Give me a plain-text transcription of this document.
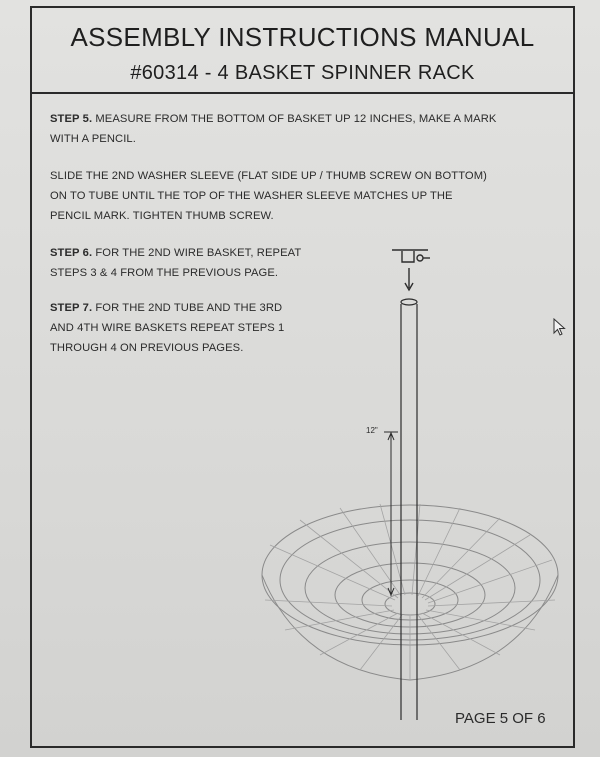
ASSEMBLY INSTRUCTIONS MANUAL
#60314 - 4 BASKET SPINNER RACK
STEP 5. MEASURE FROM THE BOTTOM OF BASKET UP 12 INCHES, MAKE A MARK
WITH A PENCIL.
SLIDE THE 2ND WASHER SLEEVE (FLAT SIDE UP / THUMB SCREW ON BOTTOM)
ON TO TUBE UNTIL THE TOP OF THE WASHER SLEEVE MATCHES UP THE
PENCIL MARK. TIGHTEN THUMB SCREW.
STEP 6. FOR THE 2ND WIRE BASKET, REPEAT
STEPS 3 & 4 FROM THE PREVIOUS PAGE.
STEP 7. FOR THE 2ND TUBE AND THE 3RD
AND 4TH WIRE BASKETS REPEAT STEPS 1
THROUGH 4 ON PREVIOUS PAGES.
12"
PAGE 5 OF 6
